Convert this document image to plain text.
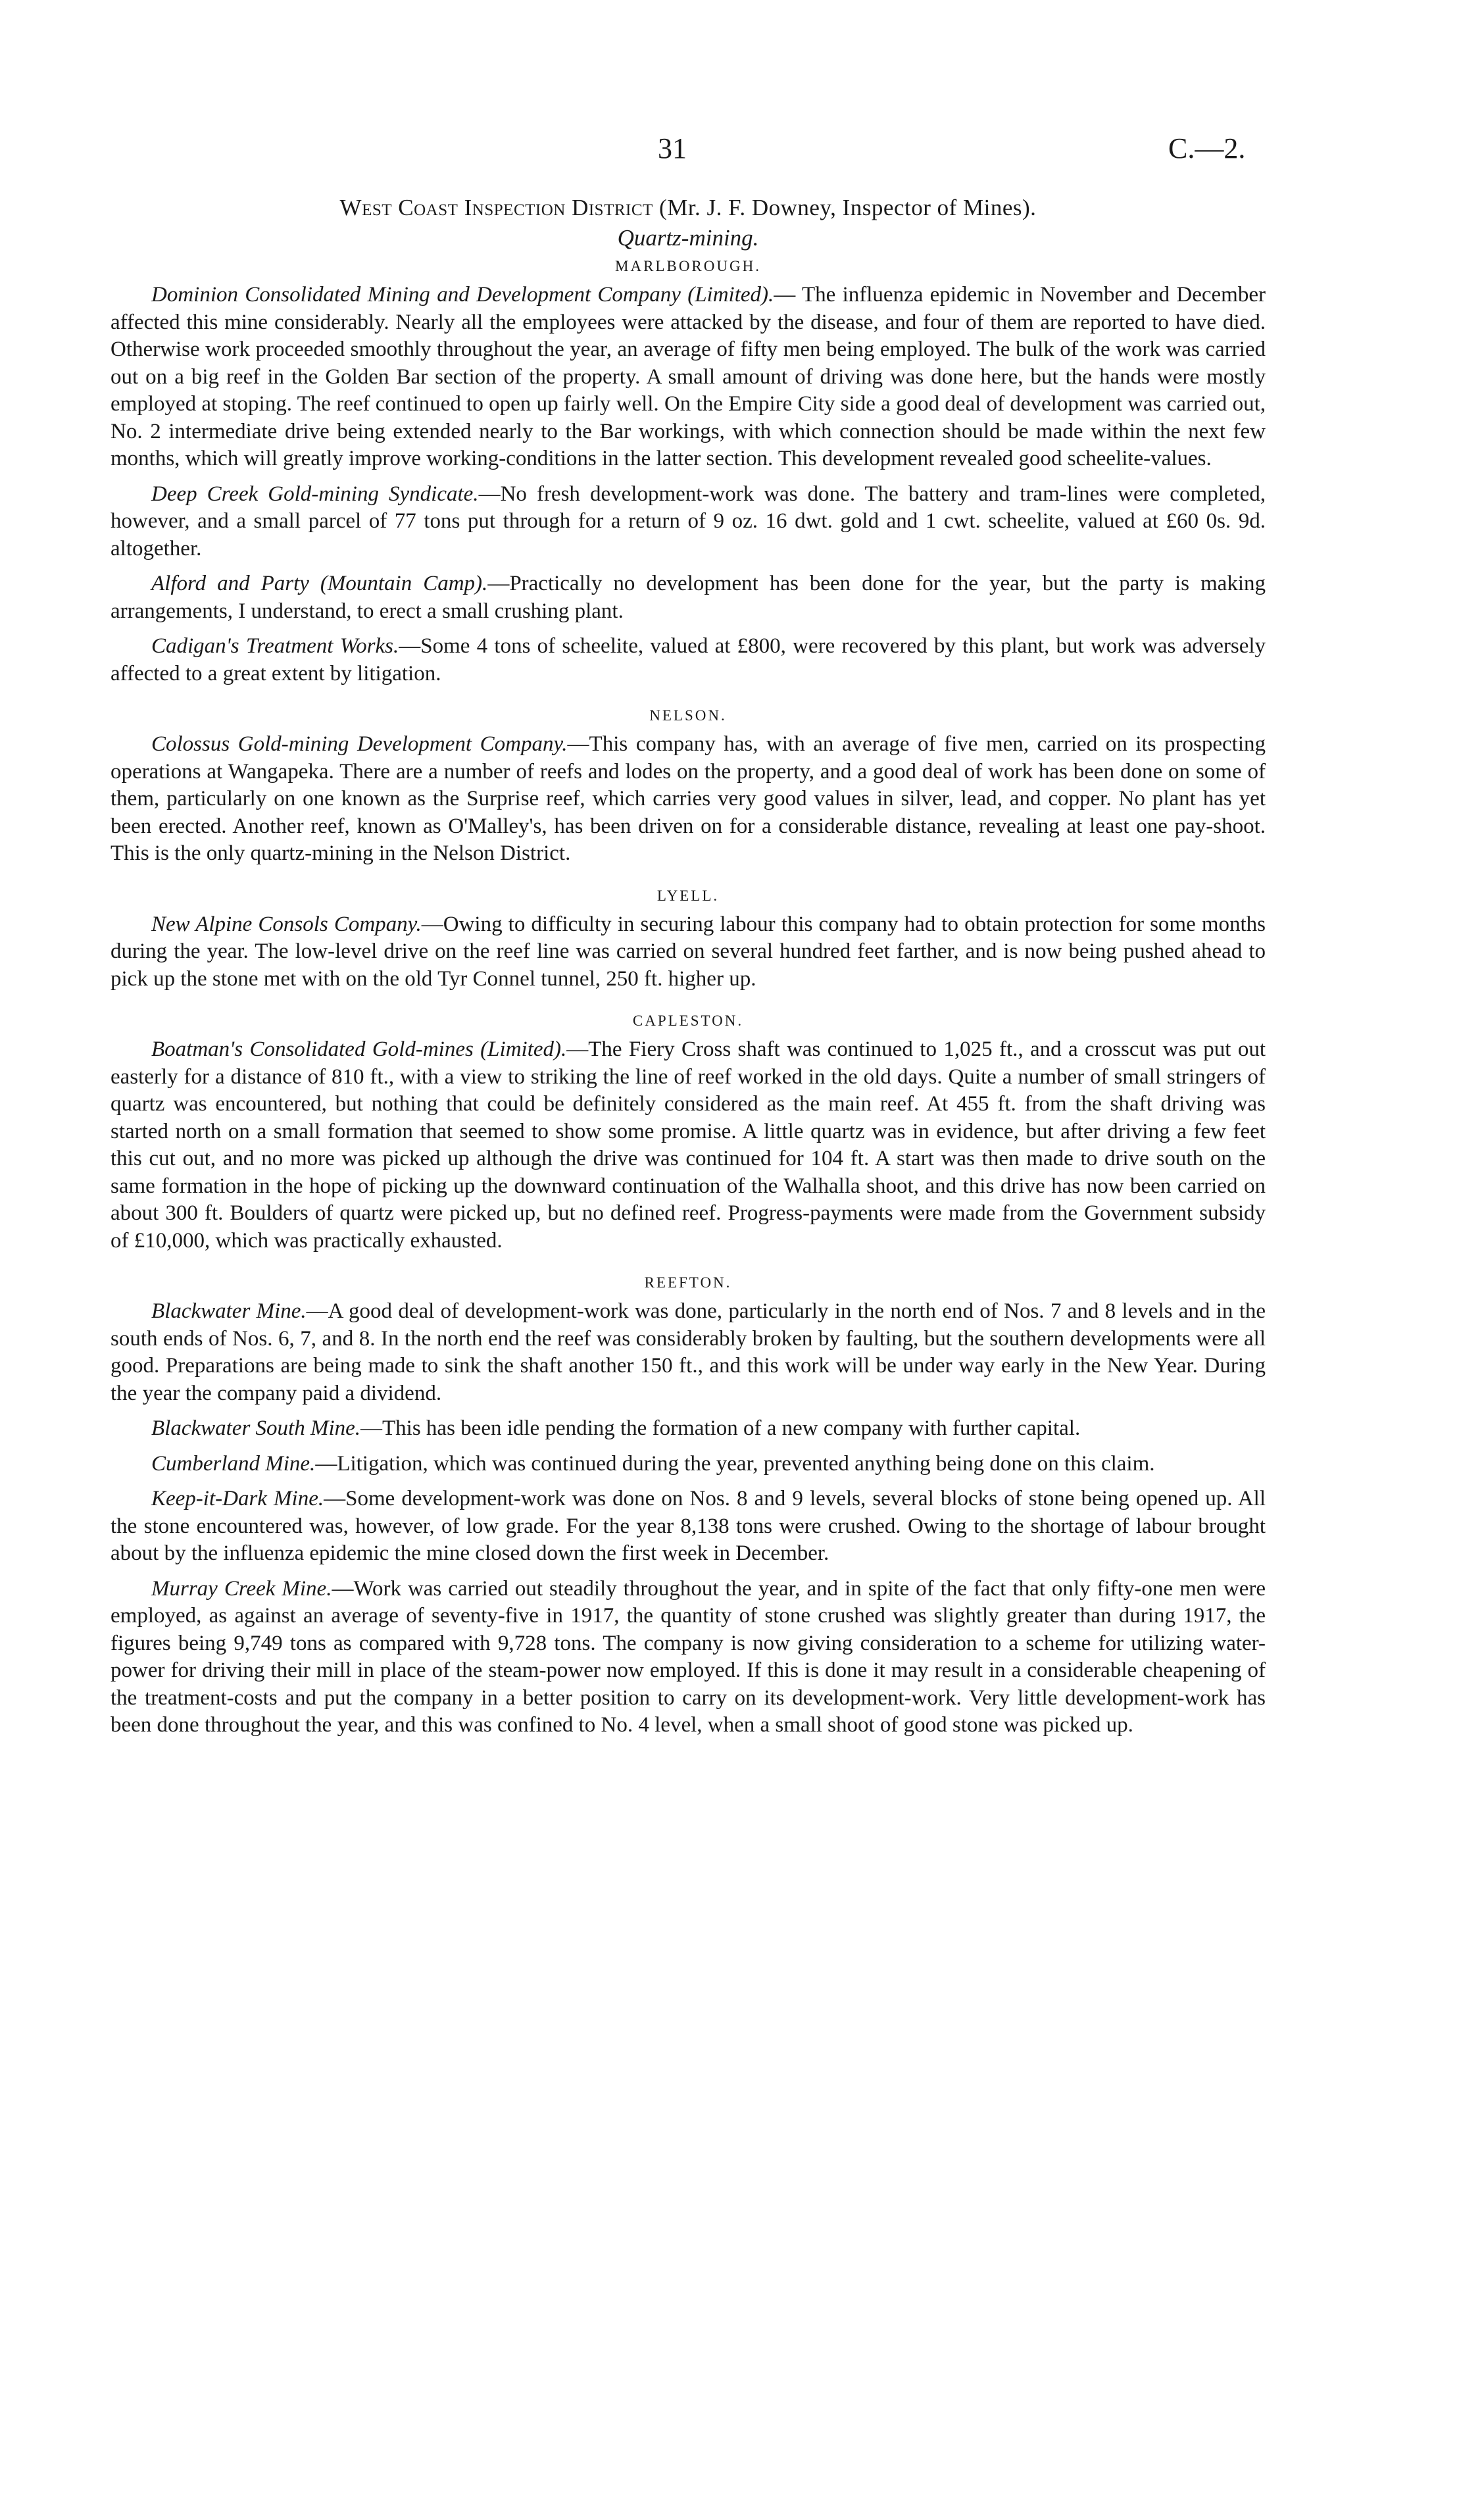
31	C.—2.
West Coast Inspection District (Mr. J. F. Downey, Inspector of Mines).
Quartz-mining.
MARLBOROUGH.

Dominion Consolidated Mining and Development Company (Limited).— The influenza epidemic in November and December affected this mine considerably. Nearly all the employees were attacked by the disease, and four of them are reported to have died. Otherwise work proceeded smoothly throughout the year, an average of fifty men being employed. The bulk of the work was carried out on a big reef in the Golden Bar section of the property. A small amount of driving was done here, but the hands were mostly employed at stoping. The reef continued to open up fairly well. On the Empire City side a good deal of development was carried out, No. 2 intermediate drive being extended nearly to the Bar workings, with which connection should be made within the next few months, which will greatly improve working-conditions in the latter section. This development revealed good scheelite-values.

Deep Creek Gold-mining Syndicate.—No fresh development-work was done. The battery and tram-lines were completed, however, and a small parcel of 77 tons put through for a return of 9 oz. 16 dwt. gold and 1 cwt. scheelite, valued at £60 0s. 9d. altogether.

Alford and Party (Mountain Camp).—Practically no development has been done for the year, but the party is making arrangements, I understand, to erect a small crushing plant.

Cadigan's Treatment Works.—Some 4 tons of scheelite, valued at £800, were recovered by this plant, but work was adversely affected to a great extent by litigation.

NELSON.

Colossus Gold-mining Development Company.—This company has, with an average of five men, carried on its prospecting operations at Wangapeka. There are a number of reefs and lodes on the property, and a good deal of work has been done on some of them, particularly on one known as the Surprise reef, which carries very good values in silver, lead, and copper. No plant has yet been erected. Another reef, known as O'Malley's, has been driven on for a considerable distance, revealing at least one pay-shoot. This is the only quartz-mining in the Nelson District.

LYELL.

New Alpine Consols Company.—Owing to difficulty in securing labour this company had to obtain protection for some months during the year. The low-level drive on the reef line was carried on several hundred feet farther, and is now being pushed ahead to pick up the stone met with on the old Tyr Connel tunnel, 250 ft. higher up.

CAPLESTON.

Boatman's Consolidated Gold-mines (Limited).—The Fiery Cross shaft was continued to 1,025 ft., and a crosscut was put out easterly for a distance of 810 ft., with a view to striking the line of reef worked in the old days. Quite a number of small stringers of quartz was encountered, but nothing that could be definitely considered as the main reef. At 455 ft. from the shaft driving was started north on a small formation that seemed to show some promise. A little quartz was in evidence, but after driving a few feet this cut out, and no more was picked up although the drive was continued for 104 ft. A start was then made to drive south on the same formation in the hope of picking up the downward continuation of the Walhalla shoot, and this drive has now been carried on about 300 ft. Boulders of quartz were picked up, but no defined reef. Progress-payments were made from the Government subsidy of £10,000, which was practically exhausted.

REEFTON.

Blackwater Mine.—A good deal of development-work was done, particularly in the north end of Nos. 7 and 8 levels and in the south ends of Nos. 6, 7, and 8. In the north end the reef was considerably broken by faulting, but the southern developments were all good. Preparations are being made to sink the shaft another 150 ft., and this work will be under way early in the New Year. During the year the company paid a dividend.

Blackwater South Mine.—This has been idle pending the formation of a new company with further capital.

Cumberland Mine.—Litigation, which was continued during the year, prevented anything being done on this claim.

Keep-it-Dark Mine.—Some development-work was done on Nos. 8 and 9 levels, several blocks of stone being opened up. All the stone encountered was, however, of low grade. For the year 8,138 tons were crushed. Owing to the shortage of labour brought about by the influenza epidemic the mine closed down the first week in December.

Murray Creek Mine.—Work was carried out steadily throughout the year, and in spite of the fact that only fifty-one men were employed, as against an average of seventy-five in 1917, the quantity of stone crushed was slightly greater than during 1917, the figures being 9,749 tons as compared with 9,728 tons. The company is now giving consideration to a scheme for utilizing water-power for driving their mill in place of the steam-power now employed. If this is done it may result in a considerable cheapening of the treatment-costs and put the company in a better position to carry on its development-work. Very little development-work has been done throughout the year, and this was confined to No. 4 level, when a small shoot of good stone was picked up.
